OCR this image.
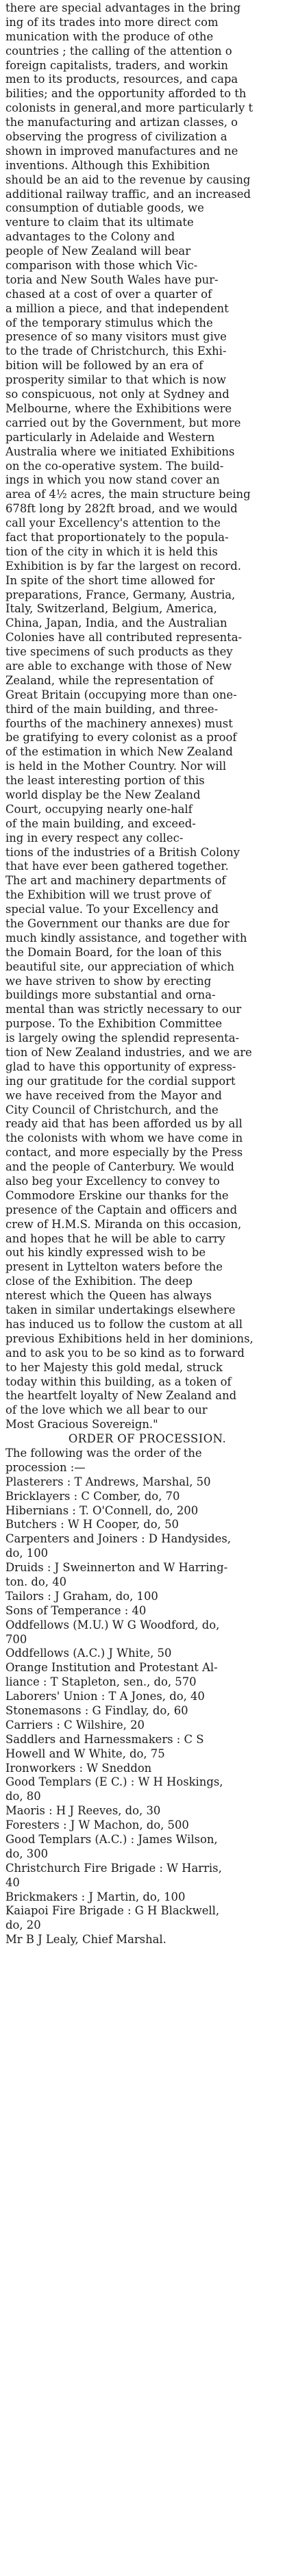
there are special advantages in the bring
ing of its trades into more direct com
munication with the produce of othe
countries ; the calling of the attention o
foreign capitalists, traders, and workin
men to its products, resources, and capa
bilities; and the opportunity afforded to th
colonists in general,and more particularly t
the manufacturing and artizan classes, o
observing the progress of civilization a
shown in improved manufactures and ne
inventions. Although this Exhibition
should be an aid to the revenue by causing
additional railway traffic, and an increased
consumption of dutiable goods, we
venture to claim that its ultimate
advantages to the Colony and
people of New Zealand will bear
comparison with those which Vic-
toria and New South Wales have pur-
chased at a cost of over a quarter of
a million a piece, and that independent
of the temporary stimulus which the
presence of so many visitors must give
to the trade of Christchurch, this Exhi-
bition will be followed by an era of
prosperity similar to that which is now
so conspicuous, not only at Sydney and
Melbourne, where the Exhibitions were
carried out by the Government, but more
particularly in Adelaide and Western
Australia where we initiated Exhibitions
on the co-operative system. The build-
ings in which you now stand cover an
area of 4½ acres, the main structure being
678ft long by 282ft broad, and we would
call your Excellency's attention to the
fact that proportionately to the popula-
tion of the city in which it is held this
Exhibition is by far the largest on record.
In spite of the short time allowed for
preparations, France, Germany, Austria,
Italy, Switzerland, Belgium, America,
China, Japan, India, and the Australian
Colonies have all contributed representa-
tive specimens of such products as they
are able to exchange with those of New
Zealand, while the representation of
Great Britain (occupying more than one-
third of the main building, and three-
fourths of the machinery annexes) must
be gratifying to every colonist as a proof
of the estimation in which New Zealand
is held in the Mother Country. Nor will
the least interesting portion of this
world display be the New Zealand
Court, occupying nearly one-half
of the main building, and exceed-
ing in every respect any collec-
tions of the industries of a British Colony
that have ever been gathered together.
The art and machinery departments of
the Exhibition will we trust prove of
special value. To your Excellency and
the Government our thanks are due for
much kindly assistance, and together with
the Domain Board, for the loan of this
beautiful site, our appreciation of which
we have striven to show by erecting
buildings more substantial and orna-
mental than was strictly necessary to our
purpose. To the Exhibition Committee
is largely owing the splendid representa-
tion of New Zealand industries, and we are
glad to have this opportunity of express-
ing our gratitude for the cordial support
we have received from the Mayor and
City Council of Christchurch, and the
ready aid that has been afforded us by all
the colonists with whom we have come in
contact, and more especially by the Press
and the people of Canterbury. We would
also beg your Excellency to convey to
Commodore Erskine our thanks for the
presence of the Captain and officers and
crew of H.M.S. Miranda on this occasion,
and hopes that he will be able to carry
out his kindly expressed wish to be
present in Lyttelton waters before the
close of the Exhibition. The deep
nterest which the Queen has always
taken in similar undertakings elsewhere
has induced us to follow the custom at all
previous Exhibitions held in her dominions,
and to ask you to be so kind as to forward
to her Majesty this gold medal, struck
today within this building, as a token of
the heartfelt loyalty of New Zealand and
of the love which we all bear to our
Most Gracious Sovereign."
ORDER OF PROCESSION.
The following was the order of the
procession :—
Plasterers : T Andrews, Marshal, 50
Bricklayers : C Comber, do, 70
Hibernians : T. O'Connell, do, 200
Butchers : W H Cooper, do, 50
Carpenters and Joiners : D Handysides,
do, 100
Druids : J Sweinnerton and W Harring-
ton. do, 40
Tailors : J Graham, do, 100
Sons of Temperance : 40
Oddfellows (M.U.) W G Woodford, do,
700
Oddfellows (A.C.) J White, 50
Orange Institution and Protestant Al-
liance : T Stapleton, sen., do, 570
Laborers' Union : T A Jones, do, 40
Stonemasons : G Findlay, do, 60
Carriers : C Wilshire, 20
Saddlers and Harnessmakers : C S
Howell and W White, do, 75
Ironworkers : W Sneddon
Good Templars (E C.) : W H Hoskings,
do, 80
Maoris : H J Reeves, do, 30
Foresters : J W Machon, do, 500
Good Templars (A.C.) : James Wilson,
do, 300
Christchurch Fire Brigade : W Harris,
40
Brickmakers : J Martin, do, 100
Kaiapoi Fire Brigade : G H Blackwell,
do, 20
Mr B J Lealy, Chief Marshal.
